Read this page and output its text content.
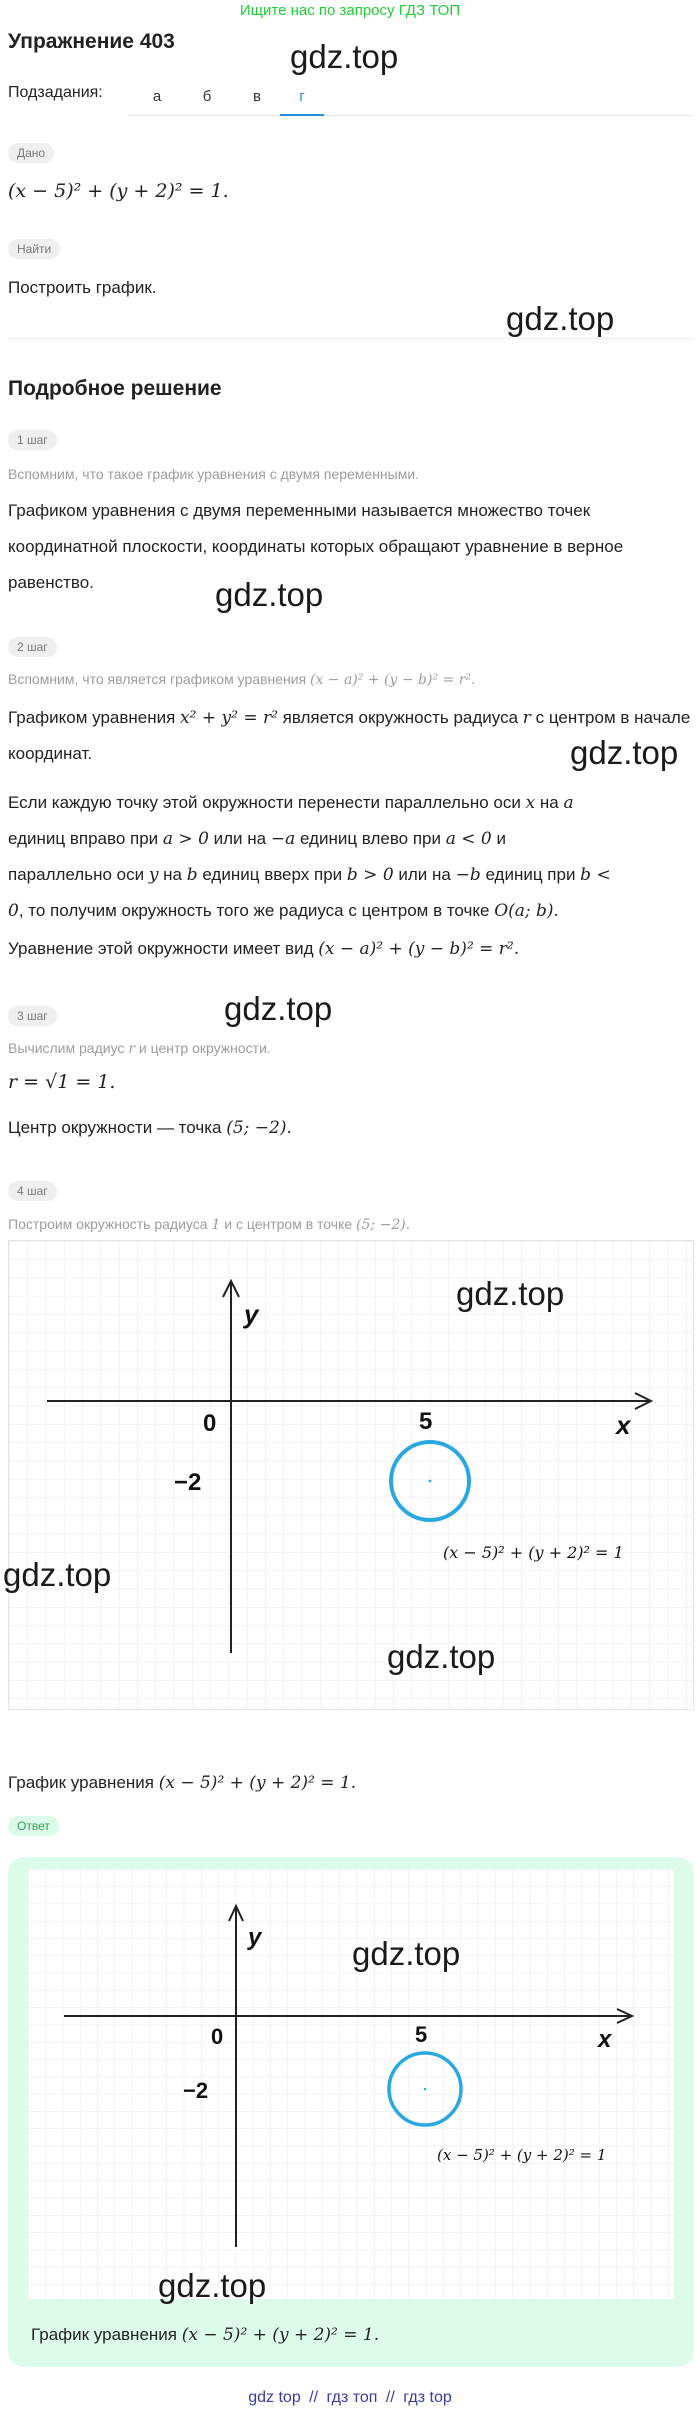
Ищите нас по запросу ГДЗ ТОП
Упражнение 403	gdz.top
Подзадания:	а	б	в	г
Дано
(x − 5)² + (y + 2)² = 1.
Найти
Построить график.
gdz.top
Подробное решение
1 шаг
Вспомним, что такое график уравнения с двумя переменными.
Графиком уравнения с двумя переменными называется множество точек координатной плоскости, координаты которых обращают уравнение в верное равенство.	gdz.top
2 шаг
Вспомним, что является графиком уравнения (x − a)² + (y − b)² = r².
Графиком уравнения x² + y² = r² является окружность радиуса r с центром в начале координат.	gdz.top
Если каждую точку этой окружности перенести параллельно оси x на a
единиц вправо при a > 0 или на −a единиц влево при a < 0 и
параллельно оси y на b единиц вверх при b > 0 или на −b единиц при b <
0, то получим окружность того же радиуса с центром в точке O(a; b).
Уравнение этой окружности имеет вид (x − a)² + (y − b)² = r².
3 шаг	gdz.top
Вычислим радиус r и центр окружности.
r = √1 = 1.
Центр окружности — точка (5; −2).
4 шаг
Построим окружность радиуса 1 и с центром в точке (5; −2).
y
x
0	5
−2
(x − 5)² + (y + 2)² = 1
gdz.top
gdz.top
gdz.top
График уравнения (x − 5)² + (y + 2)² = 1.
Ответ
y
x
0	5
−2
(x − 5)² + (y + 2)² = 1
gdz.top
gdz.top
График уравнения (x − 5)² + (y + 2)² = 1.
gdz top // гдз топ // гдз top
